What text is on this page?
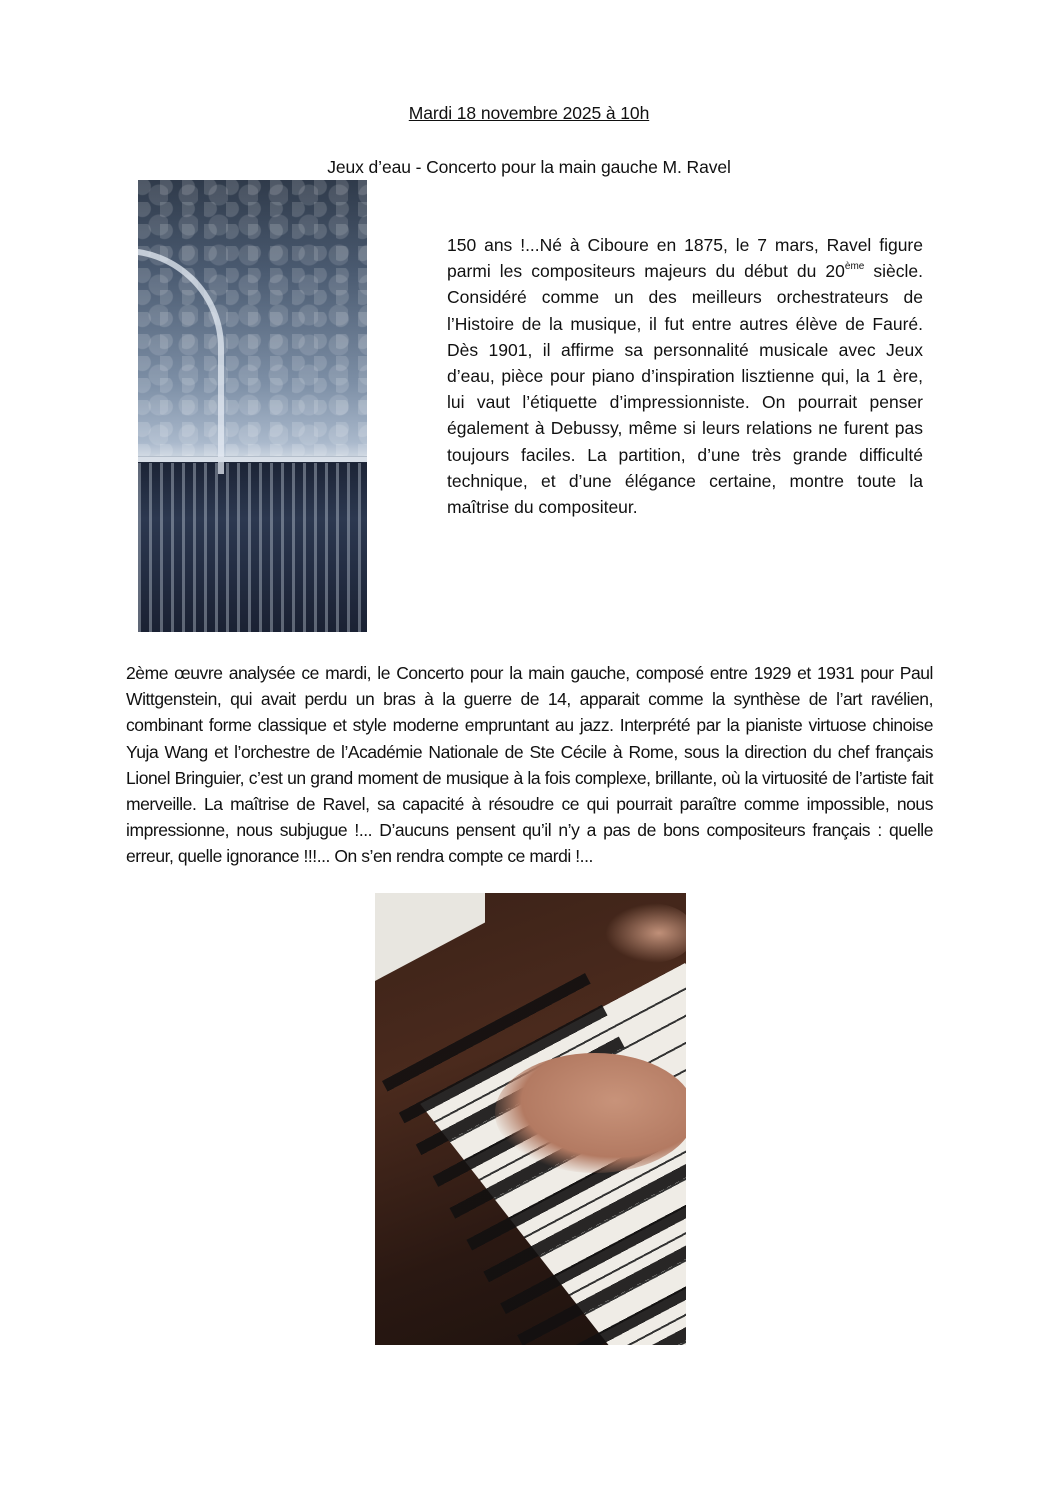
Mardi 18 novembre 2025 à 10h
Jeux d’eau - Concerto pour la main gauche M. Ravel
150 ans !...Né à Ciboure en 1875, le 7 mars, Ravel figure parmi les compositeurs majeurs du début du 20ème siècle. Considéré comme un des meilleurs orchestrateurs de l’Histoire de la musique, il fut entre autres élève de Fauré. Dès 1901, il affirme sa personnalité musicale avec Jeux d’eau, pièce pour piano d’inspiration lisztienne qui, la 1 ère, lui vaut l’étiquette d’impressionniste. On pourrait penser également à Debussy, même si leurs relations ne furent pas toujours faciles. La partition, d’une très grande difficulté technique, et d’une élégance certaine, montre toute la maîtrise du compositeur.
2ème œuvre analysée ce mardi, le Concerto pour la main gauche, composé entre 1929 et 1931 pour Paul Wittgenstein, qui avait perdu un bras à la guerre de 14, apparait comme la synthèse de l’art ravélien, combinant forme classique et style moderne empruntant au jazz. Interprété par la pianiste virtuose chinoise Yuja Wang et l’orchestre de l’Académie Nationale de Ste Cécile à Rome, sous la direction du chef français Lionel Bringuier, c’est un grand moment de musique à la fois complexe, brillante, où la virtuosité de l’artiste fait merveille. La maîtrise de Ravel, sa capacité à résoudre ce qui pourrait paraître comme impossible, nous impressionne, nous subjugue !... D’aucuns pensent qu’il n’y a pas de bons compositeurs français : quelle erreur, quelle ignorance !!!... On s’en rendra compte ce mardi !...
